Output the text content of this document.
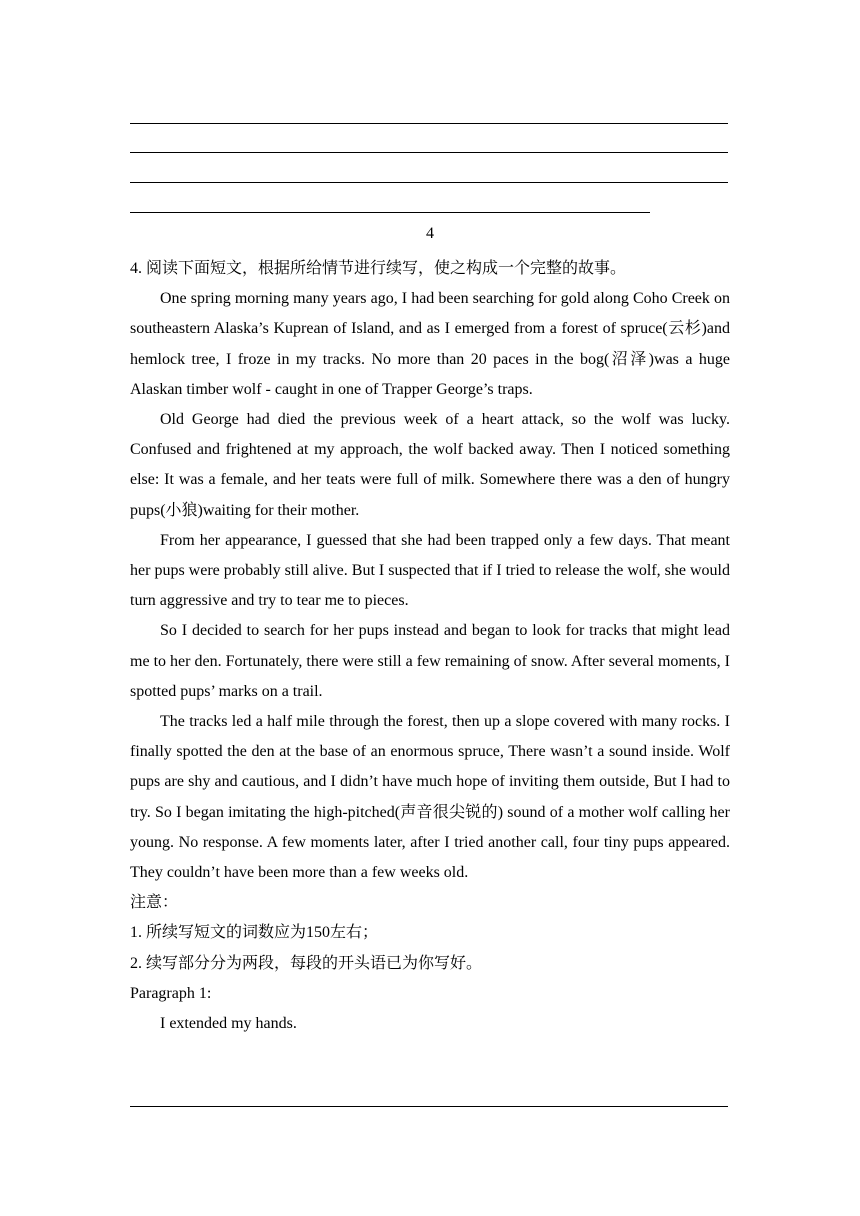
4

4. 阅读下面短文，根据所给情节进行续写，使之构成一个完整的故事。

One spring morning many years ago, I had been searching for gold along Coho Creek on southeastern Alaska’s Kuprean of Island, and as I emerged from a forest of spruce(云杉)and hemlock tree, I froze in my tracks. No more than 20 paces in the bog(沼泽)was a huge Alaskan timber wolf - caught in one of Trapper George’s traps.

Old George had died the previous week of a heart attack, so the wolf was lucky. Confused and frightened at my approach, the wolf backed away. Then I noticed something else: It was a female, and her teats were full of milk. Somewhere there was a den of hungry pups(小狼)waiting for their mother.

From her appearance, I guessed that she had been trapped only a few days. That meant her pups were probably still alive. But I suspected that if I tried to release the wolf, she would turn aggressive and try to tear me to pieces.

So I decided to search for her pups instead and began to look for tracks that might lead me to her den. Fortunately, there were still a few remaining of snow. After several moments, I spotted pups’ marks on a trail.

The tracks led a half mile through the forest, then up a slope covered with many rocks. I finally spotted the den at the base of an enormous spruce, There wasn’t a sound inside. Wolf pups are shy and cautious, and I didn’t have much hope of inviting them outside, But I had to try. So I began imitating the high-pitched(声音很尖锐的) sound of a mother wolf calling her young. No response. A few moments later, after I tried another call, four tiny pups appeared. They couldn’t have been more than a few weeks old.

注意：

1. 所续写短文的词数应为150左右；

2. 续写部分分为两段，每段的开头语已为你写好。

Paragraph 1:

I extended my hands.
